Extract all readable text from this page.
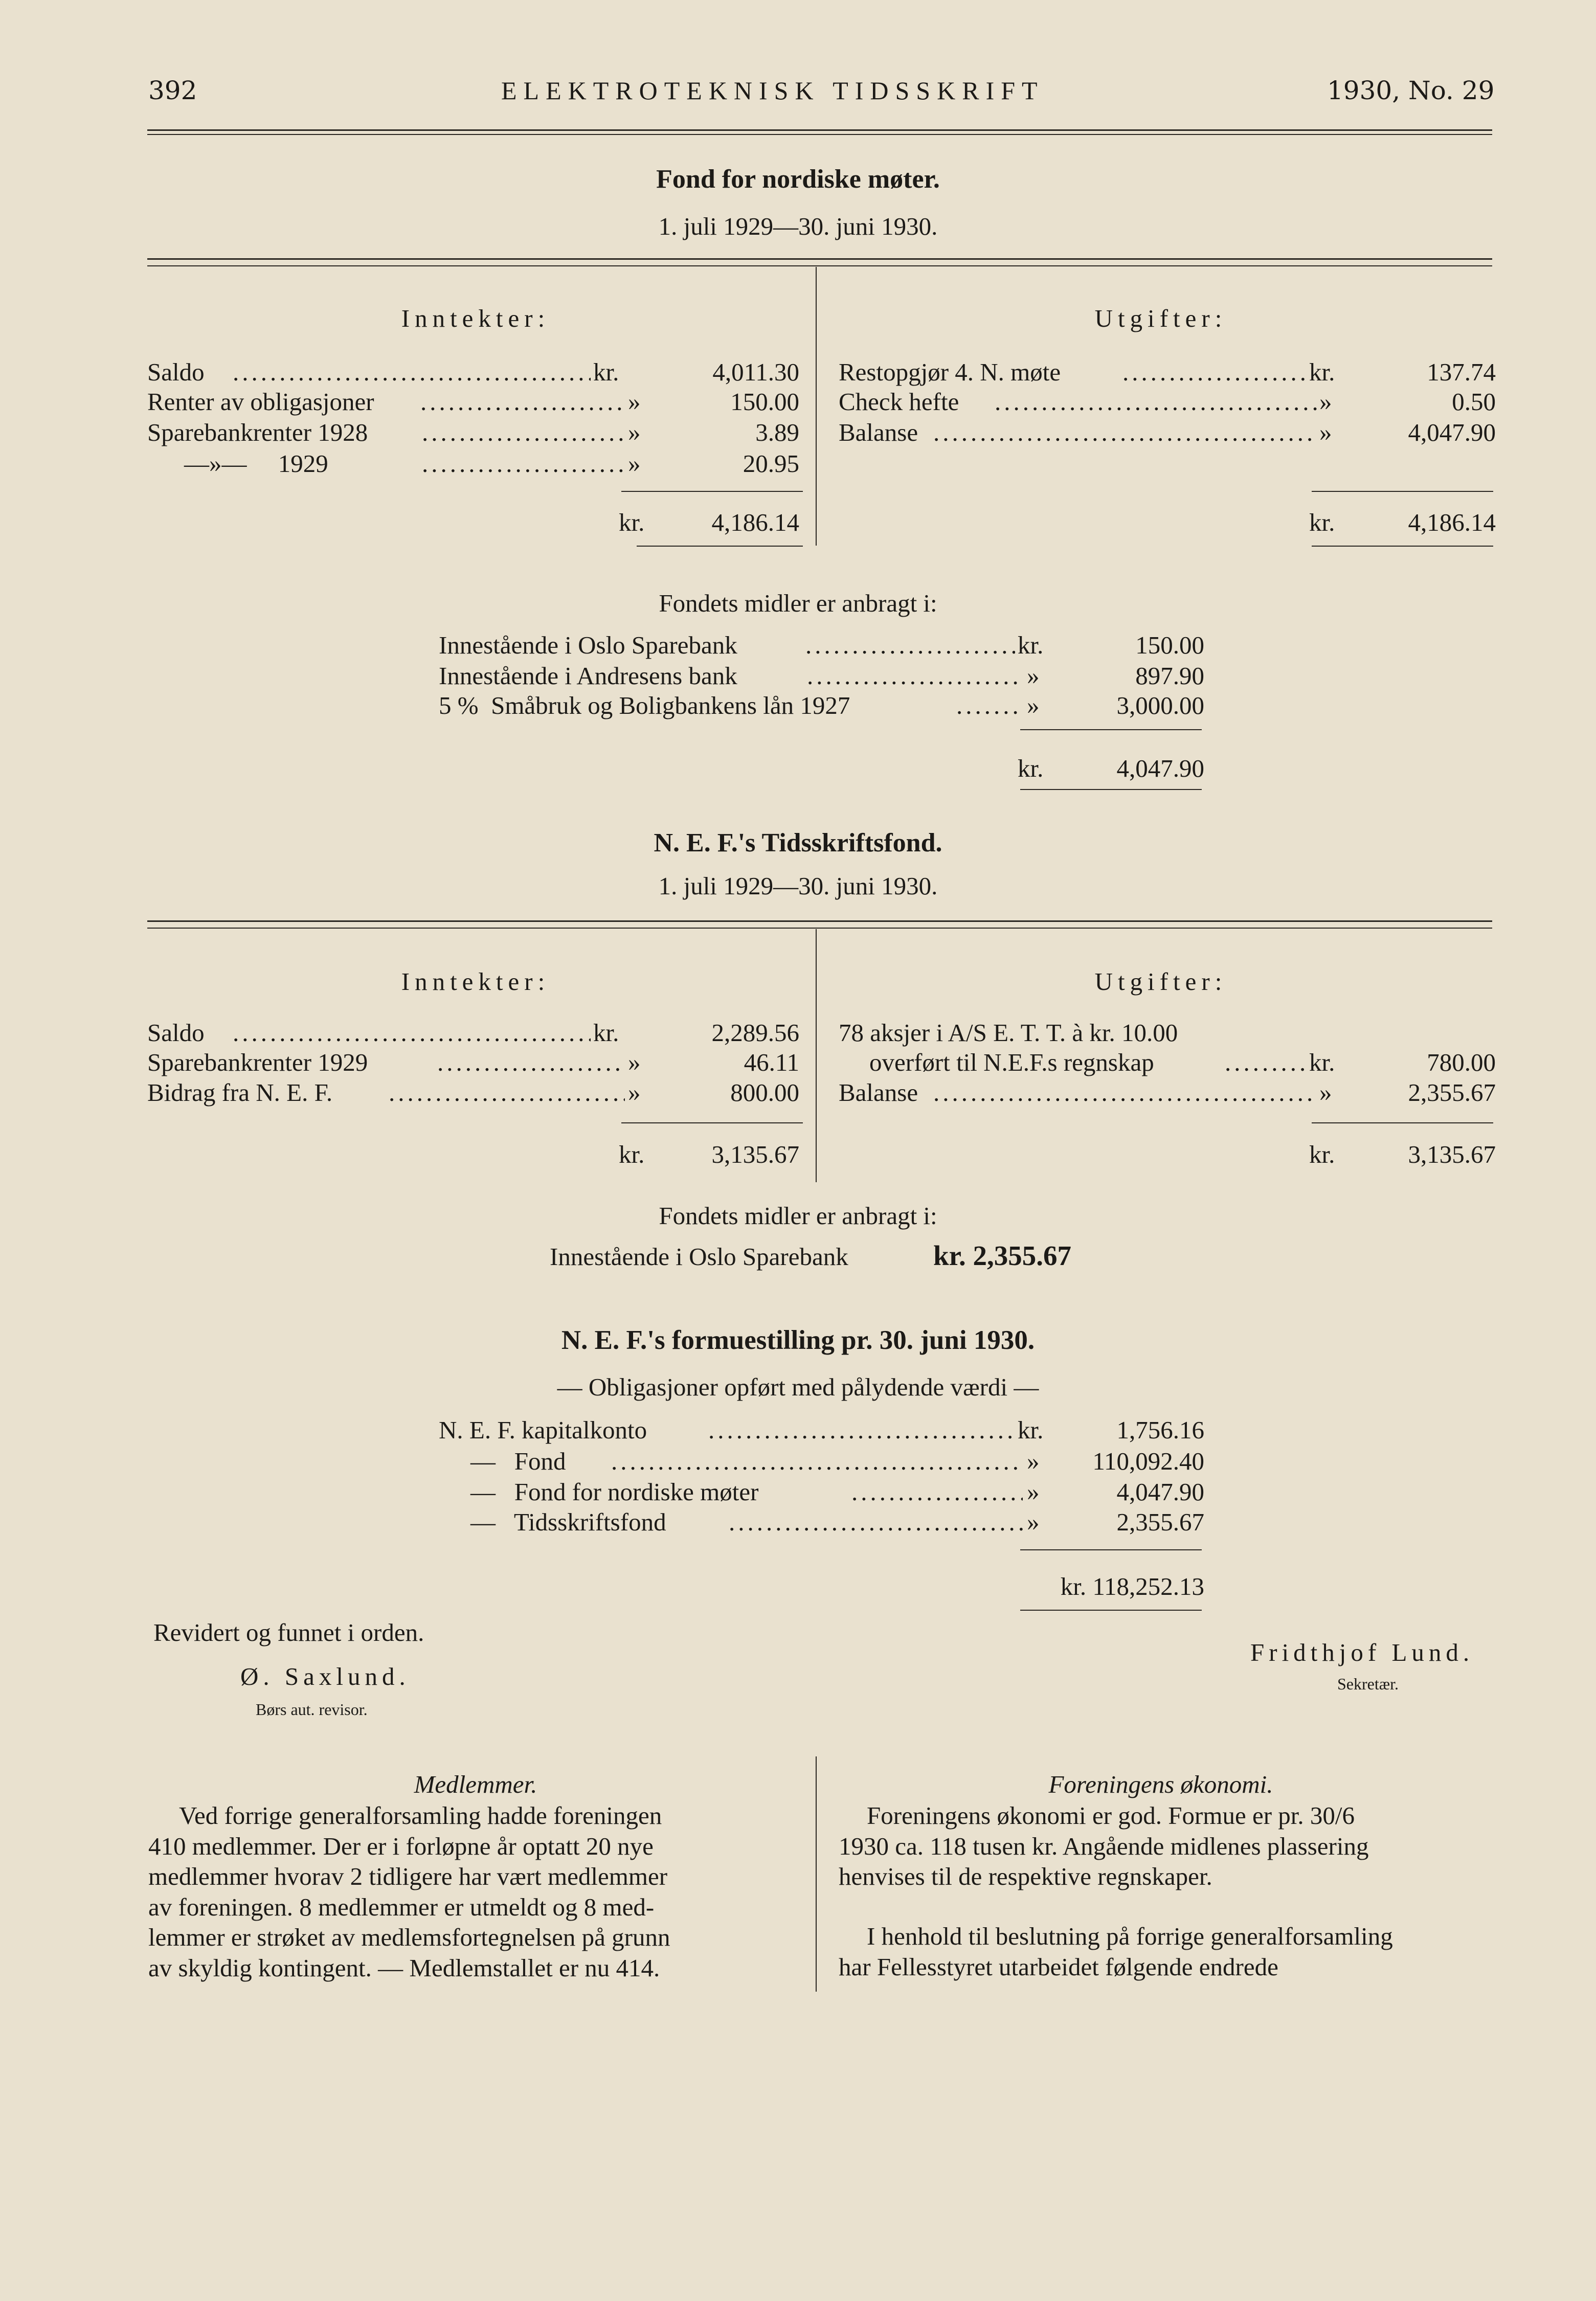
392	ELEKTROTEKNISK TIDSSKRIFT	1930, No. 29
Fond for nordiske møter.
1. juli 1929—30. juni 1930.
Inntekter:	Utgifter:
Saldo .....	kr.	4,011.30
Renter av obligasjoner .....	»	150.00
Sparebankrenter 1928 .....	»	3.89
—»—     1929 .....	»	20.95
kr.	4,186.14
Restopgjør 4. N. møte .....	kr.	137.74
Check hefte .....	»	0.50
Balanse .....	»	4,047.90
kr.	4,186.14
Fondets midler er anbragt i:
Innestående i Oslo Sparebank .....	kr.	150.00
Innestående i Andresens bank .....	»	897.90
5 %  Småbruk og Boligbankens lån 1927 .....	»	3,000.00
kr.	4,047.90
N. E. F.'s Tidsskriftsfond.
1. juli 1929—30. juni 1930.
Inntekter:	Utgifter:
Saldo .....	kr.	2,289.56
Sparebankrenter 1929 .....	»	46.11
Bidrag fra N. E. F. .....	»	800.00
kr.	3,135.67
78 aksjer i A/S E. T. T. à kr. 10.00
overført til N.E.F.s regnskap .....	kr.	780.00
Balanse .....	»	2,355.67
kr.	3,135.67
Fondets midler er anbragt i:
Innestående i Oslo Sparebank	kr. 2,355.67
N. E. F.'s formuestilling pr. 30. juni 1930.
— Obligasjoner opført med pålydende værdi —
N. E. F. kapitalkonto .....	kr.	1,756.16
—   Fond .....	»	110,092.40
—   Fond for nordiske møter .....	»	4,047.90
—   Tidsskriftsfond .....	»	2,355.67
kr. 118,252.13
Revidert og funnet i orden.
Ø. Saxlund.
Børs aut. revisor.
Fridthjof Lund.
Sekretær.
Medlemmer.
Ved forrige generalforsamling hadde foreningen
410 medlemmer. Der er i forløpne år optatt 20 nye
medlemmer hvorav 2 tidligere har vært medlemmer
av foreningen. 8 medlemmer er utmeldt og 8 med-
lemmer er strøket av medlemsfortegnelsen på grunn
av skyldig kontingent. — Medlemstallet er nu 414.
Foreningens økonomi.
Foreningens økonomi er god. Formue er pr. 30/6
1930 ca. 118 tusen kr. Angående midlenes plassering
henvises til de respektive regnskaper.
I henhold til beslutning på forrige generalforsamling
har Fellesstyret utarbeidet følgende endrede
